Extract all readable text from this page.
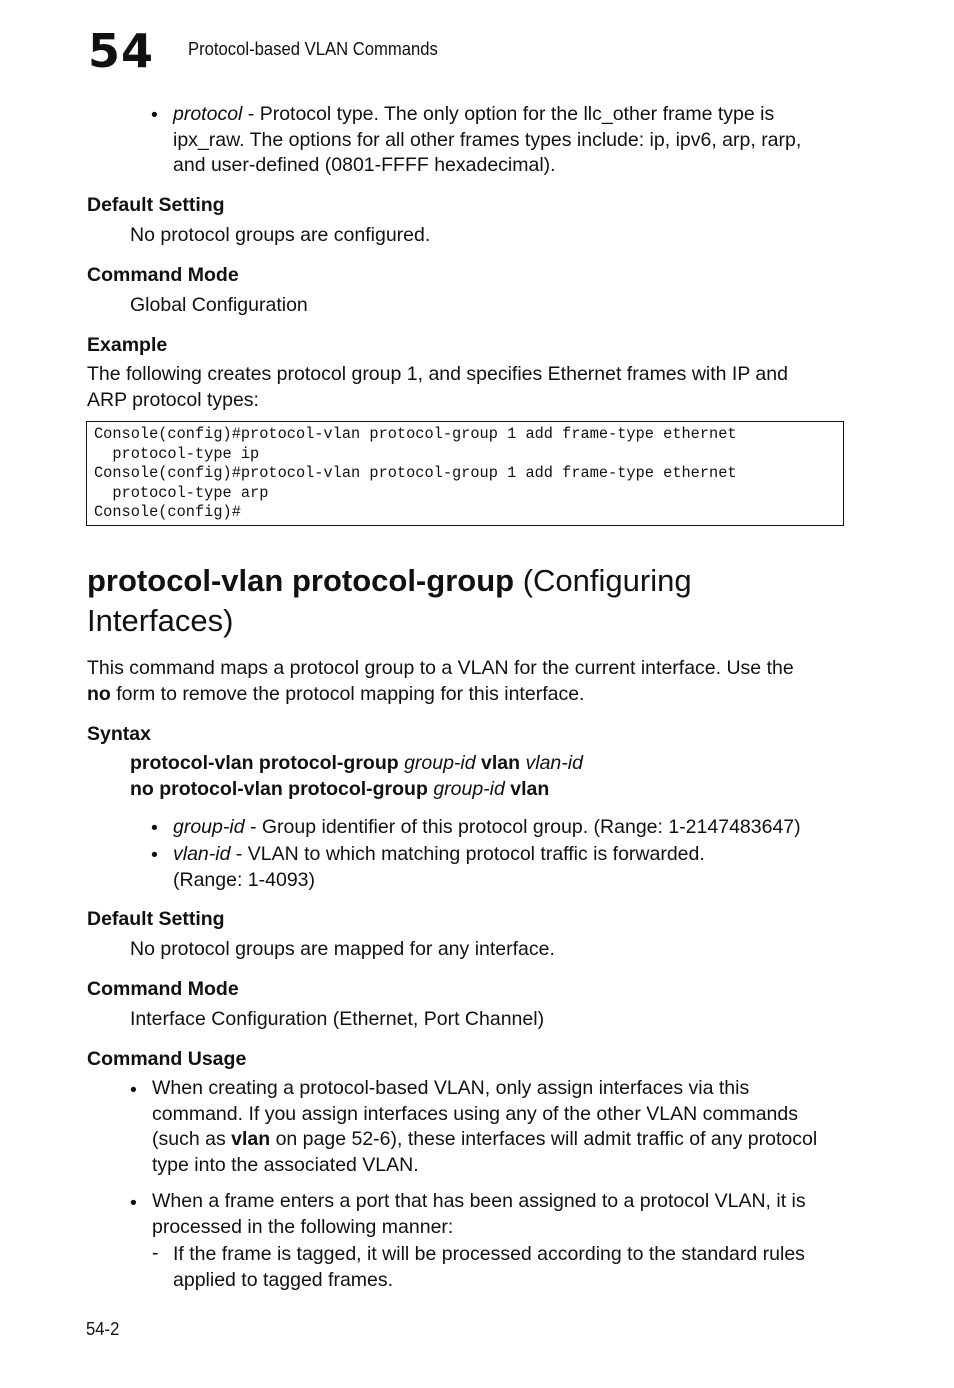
54	Protocol-based VLAN Commands
• protocol - Protocol type. The only option for the llc_other frame type is
ipx_raw. The options for all other frames types include: ip, ipv6, arp, rarp,
and user-defined (0801-FFFF hexadecimal).
Default Setting
No protocol groups are configured.
Command Mode
Global Configuration
Example
The following creates protocol group 1, and specifies Ethernet frames with IP and
ARP protocol types:
Console(config)#protocol-vlan protocol-group 1 add frame-type ethernet
protocol-type ip
Console(config)#protocol-vlan protocol-group 1 add frame-type ethernet
protocol-type arp
Console(config)#
protocol-vlan protocol-group (Configuring
Interfaces)
This command maps a protocol group to a VLAN for the current interface. Use the
no form to remove the protocol mapping for this interface.
Syntax
protocol-vlan protocol-group group-id vlan vlan-id
no protocol-vlan protocol-group group-id vlan
• group-id - Group identifier of this protocol group. (Range: 1-2147483647)
• vlan-id - VLAN to which matching protocol traffic is forwarded.
(Range: 1-4093)
Default Setting
No protocol groups are mapped for any interface.
Command Mode
Interface Configuration (Ethernet, Port Channel)
Command Usage
• When creating a protocol-based VLAN, only assign interfaces via this
command. If you assign interfaces using any of the other VLAN commands
(such as vlan on page 52-6), these interfaces will admit traffic of any protocol
type into the associated VLAN.
• When a frame enters a port that has been assigned to a protocol VLAN, it is
processed in the following manner:
- If the frame is tagged, it will be processed according to the standard rules
applied to tagged frames.
54-2
